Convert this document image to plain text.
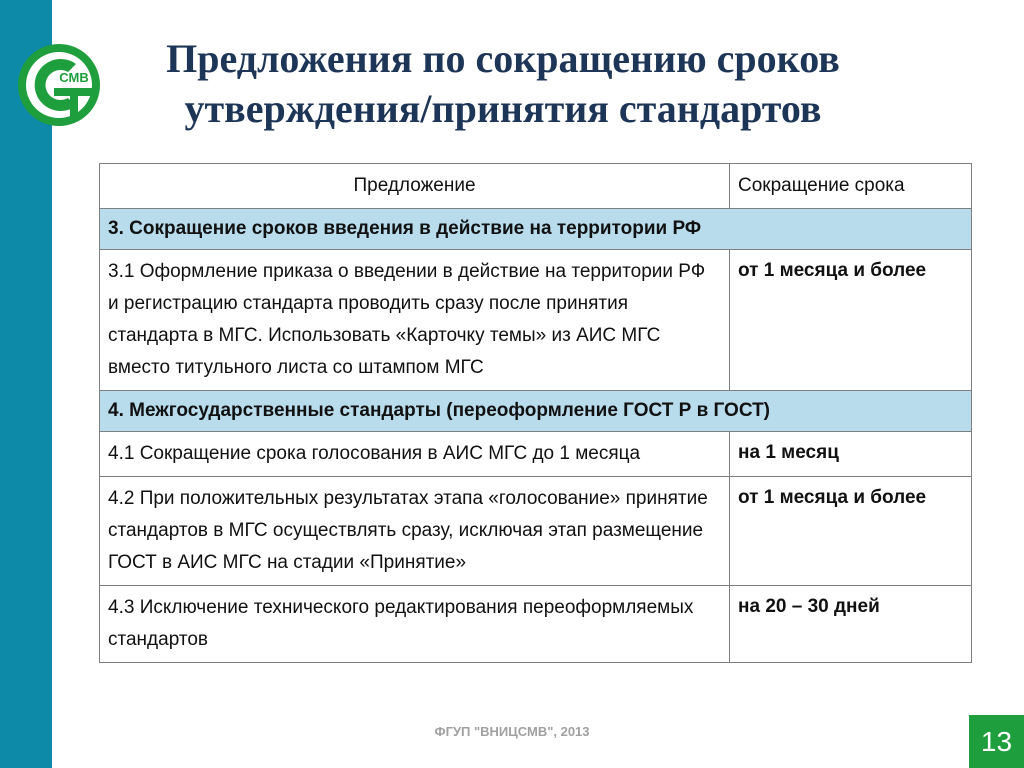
СМВ	Предложения по сокращению сроков утверждения/принятия стандартов
Предложение	Сокращение срока
3. Сокращение сроков введения в действие на территории РФ	
3.1 Оформление приказа о введении в действие на территории РФ и регистрацию стандарта проводить сразу после принятия стандарта в МГС. Использовать «Карточку темы» из АИС МГС вместо титульного листа со штампом МГС	от 1 месяца и более
4. Межгосударственные стандарты (переоформление ГОСТ Р в ГОСТ)	
4.1 Сокращение срока голосования в АИС МГС до 1 месяца	на 1 месяц
4.2 При положительных результатах этапа «голосование» принятие стандартов в МГС осуществлять сразу, исключая этап размещение ГОСТ в АИС МГС на стадии «Принятие»	от 1 месяца и более
4.3 Исключение технического редактирования переоформляемых стандартов	на 20 – 30 дней
ФГУП "ВНИЦСМВ", 2013	13
